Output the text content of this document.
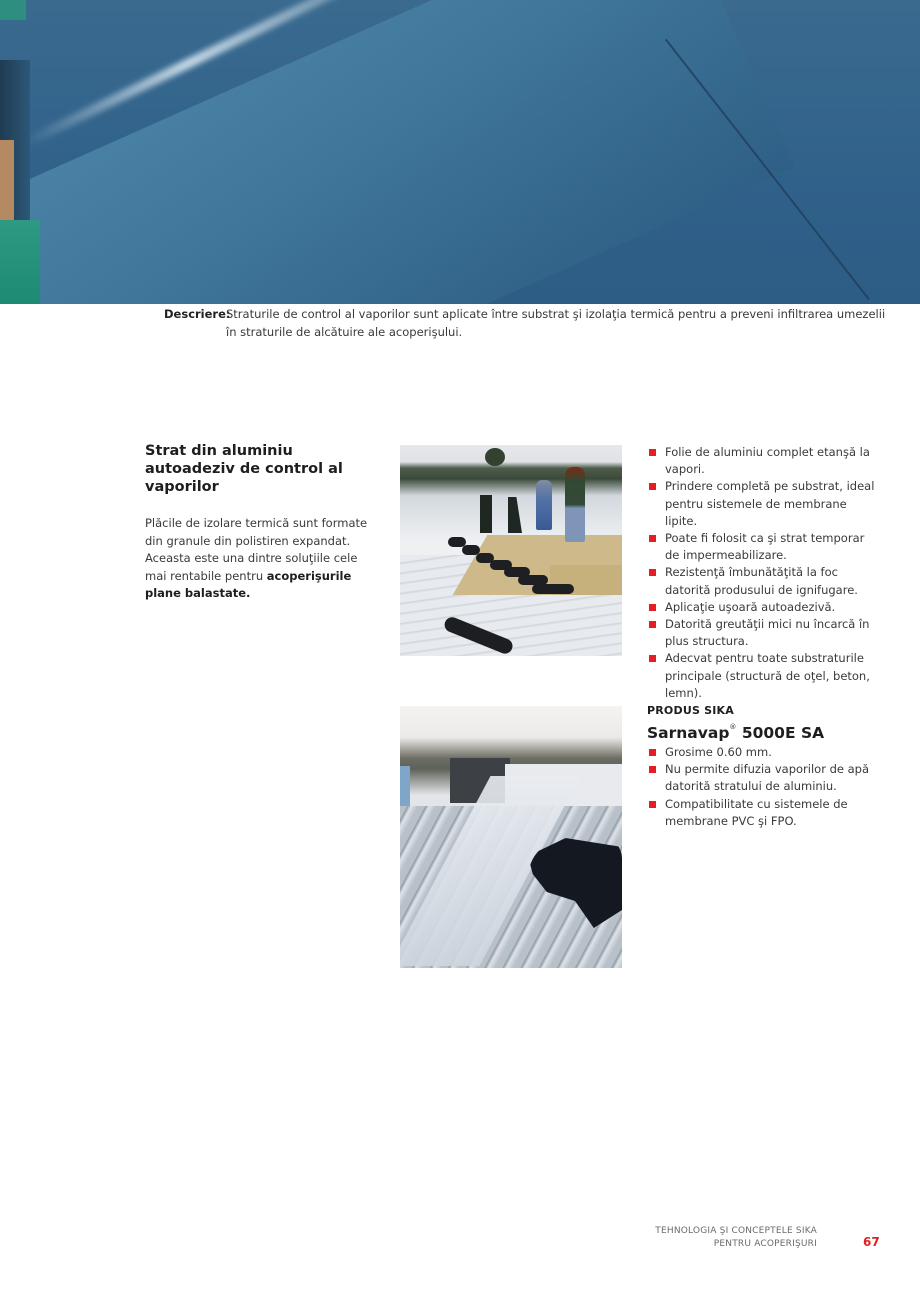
Descriere:
Straturile de control al vaporilor sunt aplicate între substrat şi izolaţia termică pentru a preveni infiltrarea umezelii în straturile de alcătuire ale acoperişului.
Strat din aluminiu autoadeziv de control al vaporilor

Plăcile de izolare termică sunt formate din granule din polistiren expandat. Aceasta este una dintre soluţiile cele mai rentabile pentru acoperişurile plane balastate.

Folie de aluminiu complet etanşă la vapori.
Prindere completă pe substrat, ideal pentru sistemele de membrane lipite.
Poate fi folosit ca şi strat temporar de impermeabilizare.
Rezistenţă îmbunătăţită la foc datorită produsului de ignifugare.
Aplicaţie uşoară autoadezivă.
Datorită greutăţii mici nu încarcă în plus structura.
Adecvat pentru toate substraturile principale (structură de oţel, beton, lemn).
PRODUS SIKA
Sarnavap® 5000E SA
Grosime 0.60 mm.
Nu permite difuzia vaporilor de apă datorită stratului de aluminiu.
Compatibilitate cu sistemele de membrane PVC şi FPO.
TEHNOLOGIA ŞI CONCEPTELE SIKA
PENTRU ACOPERIŞURI	67
